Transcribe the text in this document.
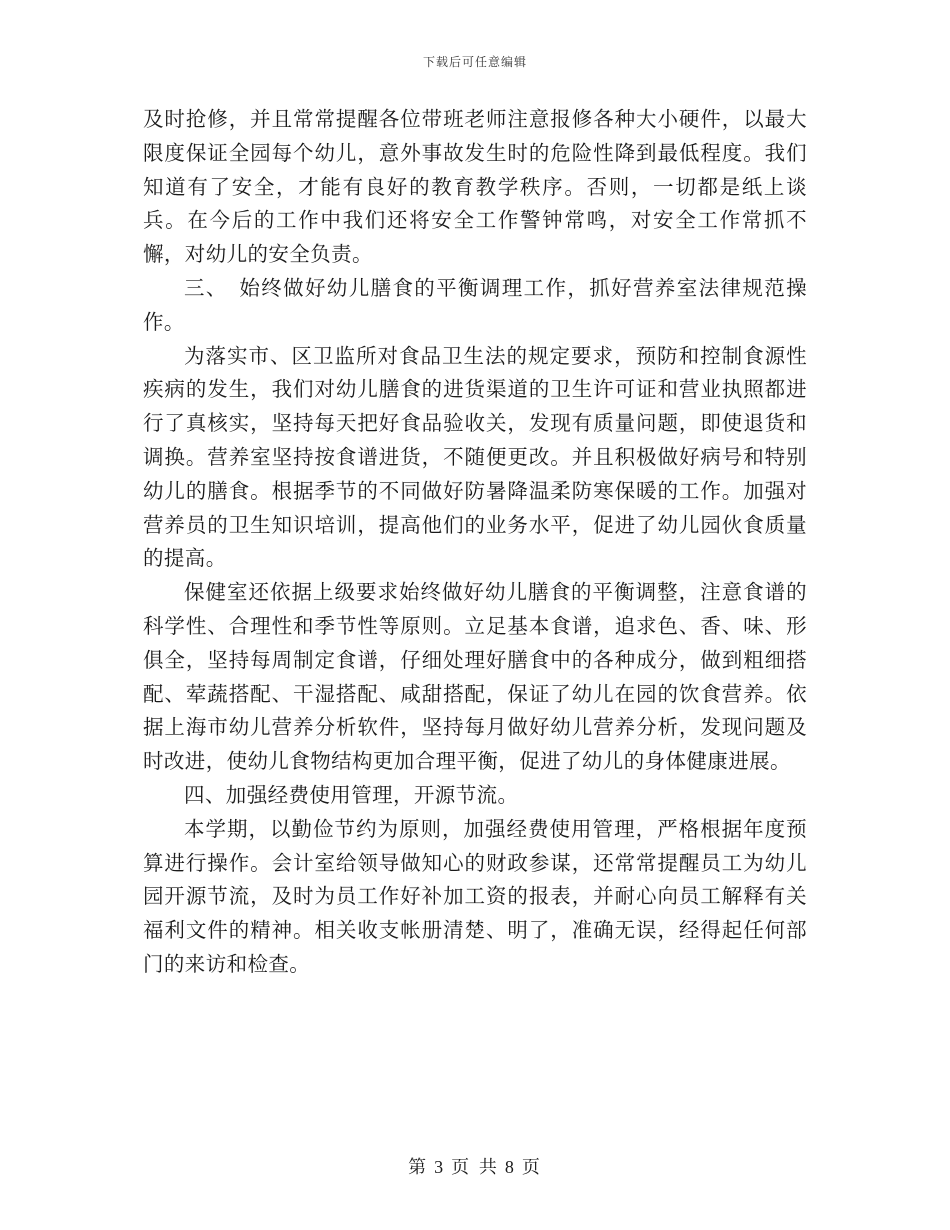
下载后可任意编辑

及时抢修，并且常常提醒各位带班老师注意报修各种大小硬件，以最大限度保证全园每个幼儿，意外事故发生时的危险性降到最低程度。我们知道有了安全，才能有良好的教育教学秩序。否则，一切都是纸上谈兵。在今后的工作中我们还将安全工作警钟常鸣，对安全工作常抓不懈，对幼儿的安全负责。

三、　始终做好幼儿膳食的平衡调理工作，抓好营养室法律规范操作。

为落实市、区卫监所对食品卫生法的规定要求，预防和控制食源性疾病的发生，我们对幼儿膳食的进货渠道的卫生许可证和营业执照都进行了真核实，坚持每天把好食品验收关，发现有质量问题，即使退货和调换。营养室坚持按食谱进货，不随便更改。并且积极做好病号和特别幼儿的膳食。根据季节的不同做好防暑降温柔防寒保暖的工作。加强对营养员的卫生知识培训，提高他们的业务水平，促进了幼儿园伙食质量的提高。

保健室还依据上级要求始终做好幼儿膳食的平衡调整，注意食谱的科学性、合理性和季节性等原则。立足基本食谱，追求色、香、味、形俱全，坚持每周制定食谱，仔细处理好膳食中的各种成分，做到粗细搭配、荤蔬搭配、干湿搭配、咸甜搭配，保证了幼儿在园的饮食营养。依据上海市幼儿营养分析软件，坚持每月做好幼儿营养分析，发现问题及时改进，使幼儿食物结构更加合理平衡，促进了幼儿的身体健康进展。

四、加强经费使用管理，开源节流。

本学期，以勤俭节约为原则，加强经费使用管理，严格根据年度预算进行操作。会计室给领导做知心的财政参谋，还常常提醒员工为幼儿园开源节流，及时为员工作好补加工资的报表，并耐心向员工解释有关福利文件的精神。相关收支帐册清楚、明了，准确无误，经得起任何部门的来访和检查。

第 3 页 共 8 页
